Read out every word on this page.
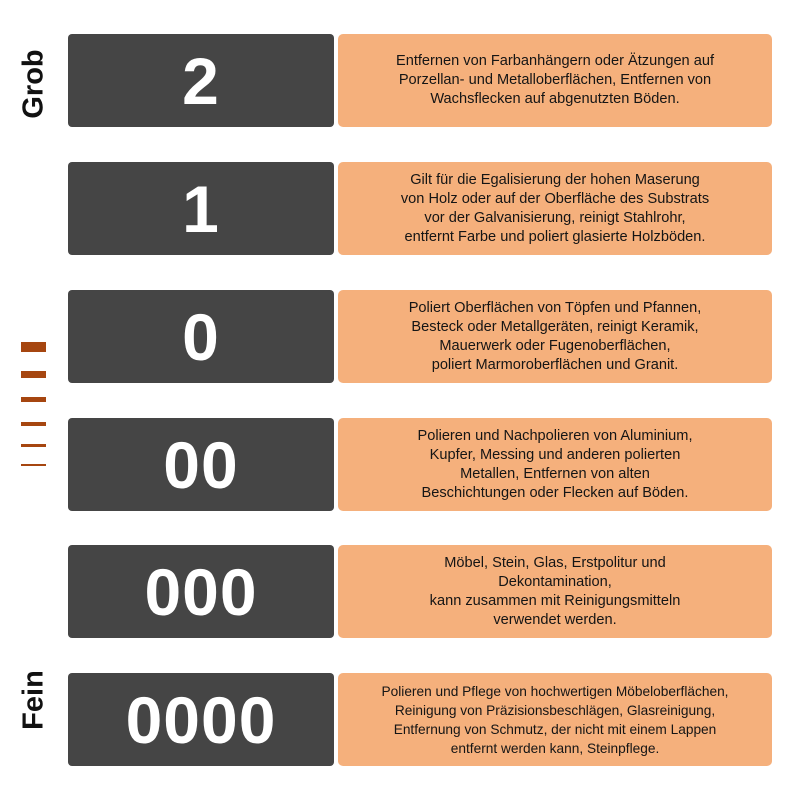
Grob
Fein
2	Entfernen von Farbanhängern oder Ätzungen auf
Porzellan- und Metalloberflächen, Entfernen von
Wachsflecken auf abgenutzten Böden.
1	Gilt für die Egalisierung der hohen Maserung
von Holz oder auf der Oberfläche des Substrats
vor der Galvanisierung, reinigt Stahlrohr,
entfernt Farbe und poliert glasierte Holzböden.
0	Poliert Oberflächen von Töpfen und Pfannen,
Besteck oder Metallgeräten, reinigt Keramik,
Mauerwerk oder Fugenoberflächen,
poliert Marmoroberflächen und Granit.
00	Polieren und Nachpolieren von Aluminium,
Kupfer, Messing und anderen polierten
Metallen, Entfernen von alten
Beschichtungen oder Flecken auf Böden.
000	Möbel, Stein, Glas, Erstpolitur und
Dekontamination,
kann zusammen mit Reinigungsmitteln
verwendet werden.
0000	Polieren und Pflege von hochwertigen Möbeloberflächen,
Reinigung von Präzisionsbeschlägen, Glasreinigung,
Entfernung von Schmutz, der nicht mit einem Lappen
entfernt werden kann, Steinpflege.
